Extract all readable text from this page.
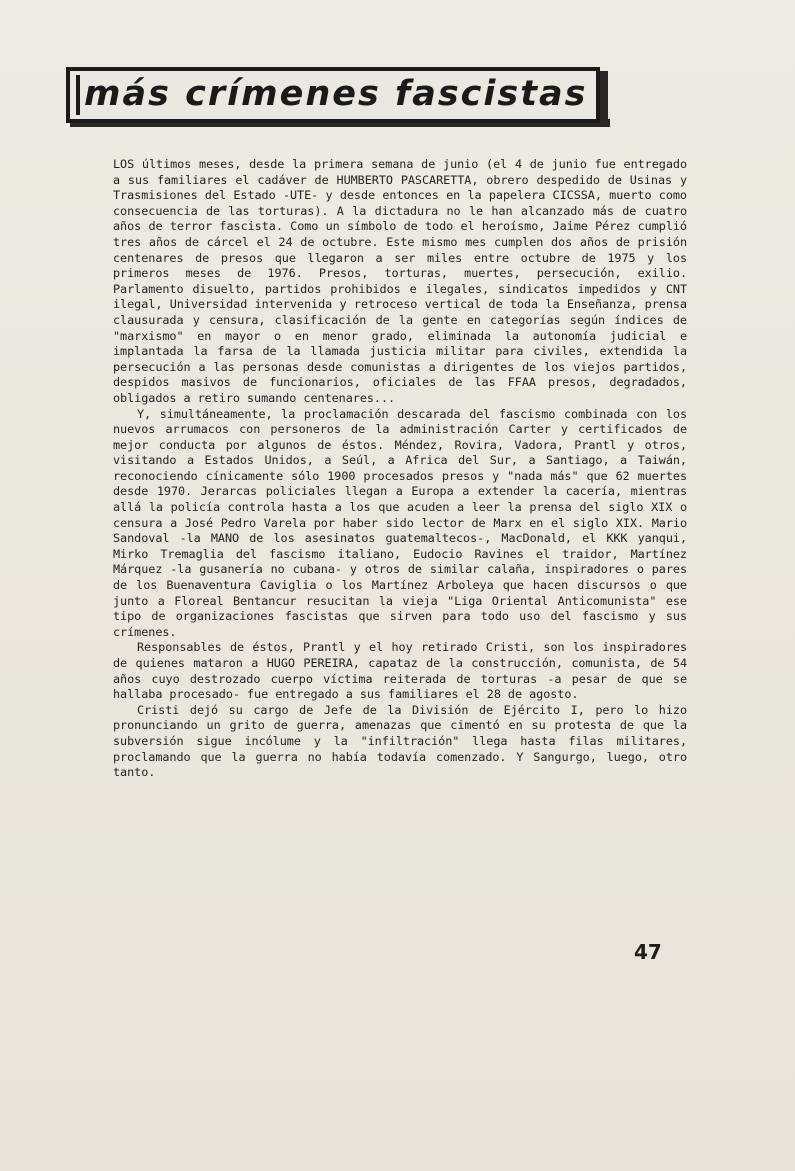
más crímenes fascistas

LOS últimos meses, desde la primera semana de junio (el 4 de junio fue entregado a sus familiares el cadáver de HUMBERTO PASCARETTA, obrero despedido de Usinas y Trasmisiones del Estado -UTE- y desde entonces en la papelera CICSSA, muerto como consecuencia de las torturas). A la dictadura no le han alcanzado más de cuatro años de terror fascista. Como un símbolo de todo el heroísmo, Jaime Pérez cumplió tres años de cárcel el 24 de octubre. Este mismo mes cumplen dos años de prisión centenares de presos que llegaron a ser miles entre octubre de 1975 y los primeros meses de 1976. Presos, torturas, muertes, persecución, exilio. Parlamento disuelto, partidos prohibidos e ilegales, sindicatos impedidos y CNT ilegal, Universidad intervenida y retroceso vertical de toda la Enseñanza, prensa clausurada y censura, clasificación de la gente en categorías según índices de "marxismo" en mayor o en menor grado, eliminada la autonomía judicial e implantada la farsa de la llamada justicia militar para civiles, extendida la persecución a las personas desde comunistas a dirigentes de los viejos partidos, despidos masivos de funcionarios, oficiales de las FFAA presos, degradados, obligados a retiro sumando centenares...

Y, simultáneamente, la proclamación descarada del fascismo combinada con los nuevos arrumacos con personeros de la administración Carter y certificados de mejor conducta por algunos de éstos. Méndez, Rovira, Vadora, Prantl y otros, visitando a Estados Unidos, a Seúl, a Africa del Sur, a Santiago, a Taiwán, reconociendo cínicamente sólo 1900 procesados presos y "nada más" que 62 muertes desde 1970. Jerarcas policiales llegan a Europa a extender la cacería, mientras allá la policía controla hasta a los que acuden a leer la prensa del siglo XIX o censura a José Pedro Varela por haber sido lector de Marx en el siglo XIX. Mario Sandoval -la MANO de los asesinatos guatemaltecos-, MacDonald, el KKK yanqui, Mirko Tremaglia del fascismo italiano, Eudocio Ravines el traidor, Martínez Márquez -la gusanería no cubana- y otros de similar calaña, inspiradores o pares de los Buenaventura Caviglia o los Martínez Arboleya que hacen discursos o que junto a Floreal Bentancur resucitan la vieja "Liga Oriental Anticomunista" ese tipo de organizaciones fascistas que sirven para todo uso del fascismo y sus crímenes.

Responsables de éstos, Prantl y el hoy retirado Cristi, son los inspiradores de quienes mataron a HUGO PEREIRA, capataz de la construcción, comunista, de 54 años cuyo destrozado cuerpo víctima reiterada de torturas -a pesar de que se hallaba procesado- fue entregado a sus familiares el 28 de agosto.

Cristi dejó su cargo de Jefe de la División de Ejército I, pero lo hizo pronunciando un grito de guerra, amenazas que cimentó en su protesta de que la subversión sigue incólume y la "infiltración" llega hasta filas militares, proclamando que la guerra no había todavía comenzado. Y Sangurgo, luego, otro tanto.

47
